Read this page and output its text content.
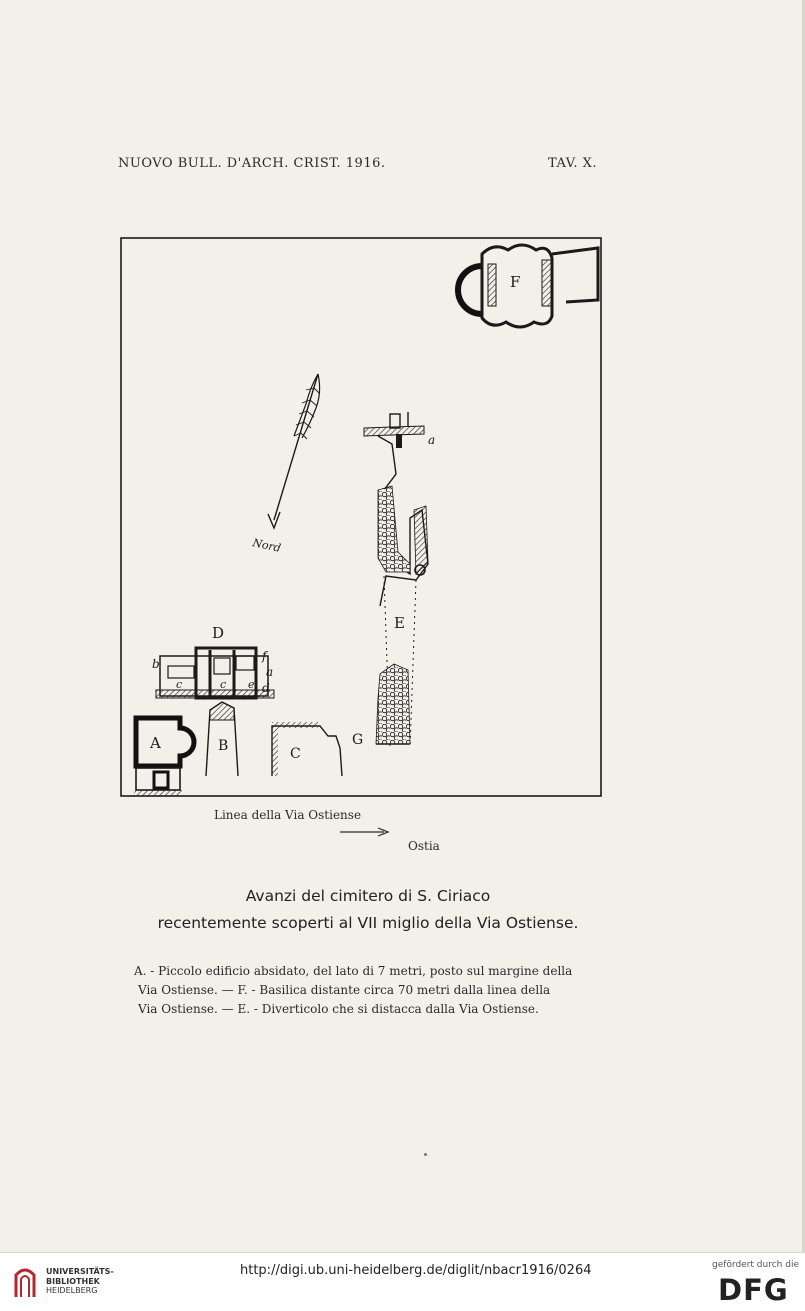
NUOVO BULL. D'ARCH. CRIST. 1916.	TAV. X.
F
Nord
a
E
D
b
c	c e
f
a
d
A	B	C
G
Linea della Via Ostiense
Ostia
Avanzi del cimitero di S. Ciriaco
recentemente scoperti al VII miglio della Via Ostiense.
A. - Piccolo edificio absidato, del lato di 7 metri, posto sul margine della
Via Ostiense. — F. - Basilica distante circa 70 metri dalla linea della
Via Ostiense. — E. - Diverticolo che si distacca dalla Via Ostiense.
UNIVERSITÄTS-
BIBLIOTHEK
HEIDELBERG
http://digi.ub.uni-heidelberg.de/diglit/nbacr1916/0264	gefördert durch die
DFG
